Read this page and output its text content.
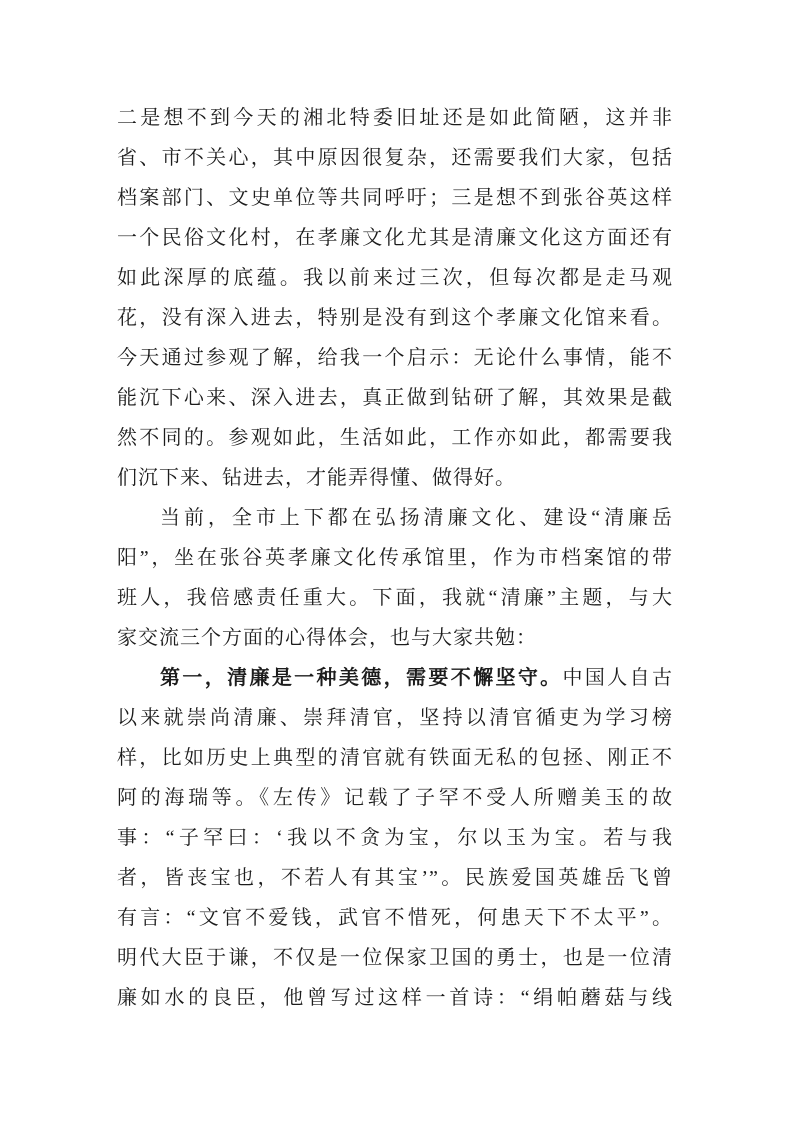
二是想不到今天的湘北特委旧址还是如此简陋，这并非
省、市不关心，其中原因很复杂，还需要我们大家，包括
档案部门、文史单位等共同呼吁；三是想不到张谷英这样
一个民俗文化村，在孝廉文化尤其是清廉文化这方面还有
如此深厚的底蕴。我以前来过三次，但每次都是走马观
花，没有深入进去，特别是没有到这个孝廉文化馆来看。
今天通过参观了解，给我一个启示：无论什么事情，能不
能沉下心来、深入进去，真正做到钻研了解，其效果是截
然不同的。参观如此，生活如此，工作亦如此，都需要我
们沉下来、钻进去，才能弄得懂、做得好。
当前，全市上下都在弘扬清廉文化、建设“清廉岳
阳”，坐在张谷英孝廉文化传承馆里，作为市档案馆的带
班人，我倍感责任重大。下面，我就“清廉”主题，与大
家交流三个方面的心得体会，也与大家共勉：
第一，清廉是一种美德，需要不懈坚守。中国人自古
以来就崇尚清廉、崇拜清官，坚持以清官循吏为学习榜
样，比如历史上典型的清官就有铁面无私的包拯、刚正不
阿的海瑞等。《左传》记载了子罕不受人所赠美玉的故
事：“子罕曰：‘我以不贪为宝，尔以玉为宝。若与我
者，皆丧宝也，不若人有其宝’”。民族爱国英雄岳飞曾
有言：“文官不爱钱，武官不惜死，何患天下不太平”。
明代大臣于谦，不仅是一位保家卫国的勇士，也是一位清
廉如水的良臣，他曾写过这样一首诗：“绢帕蘑菇与线
